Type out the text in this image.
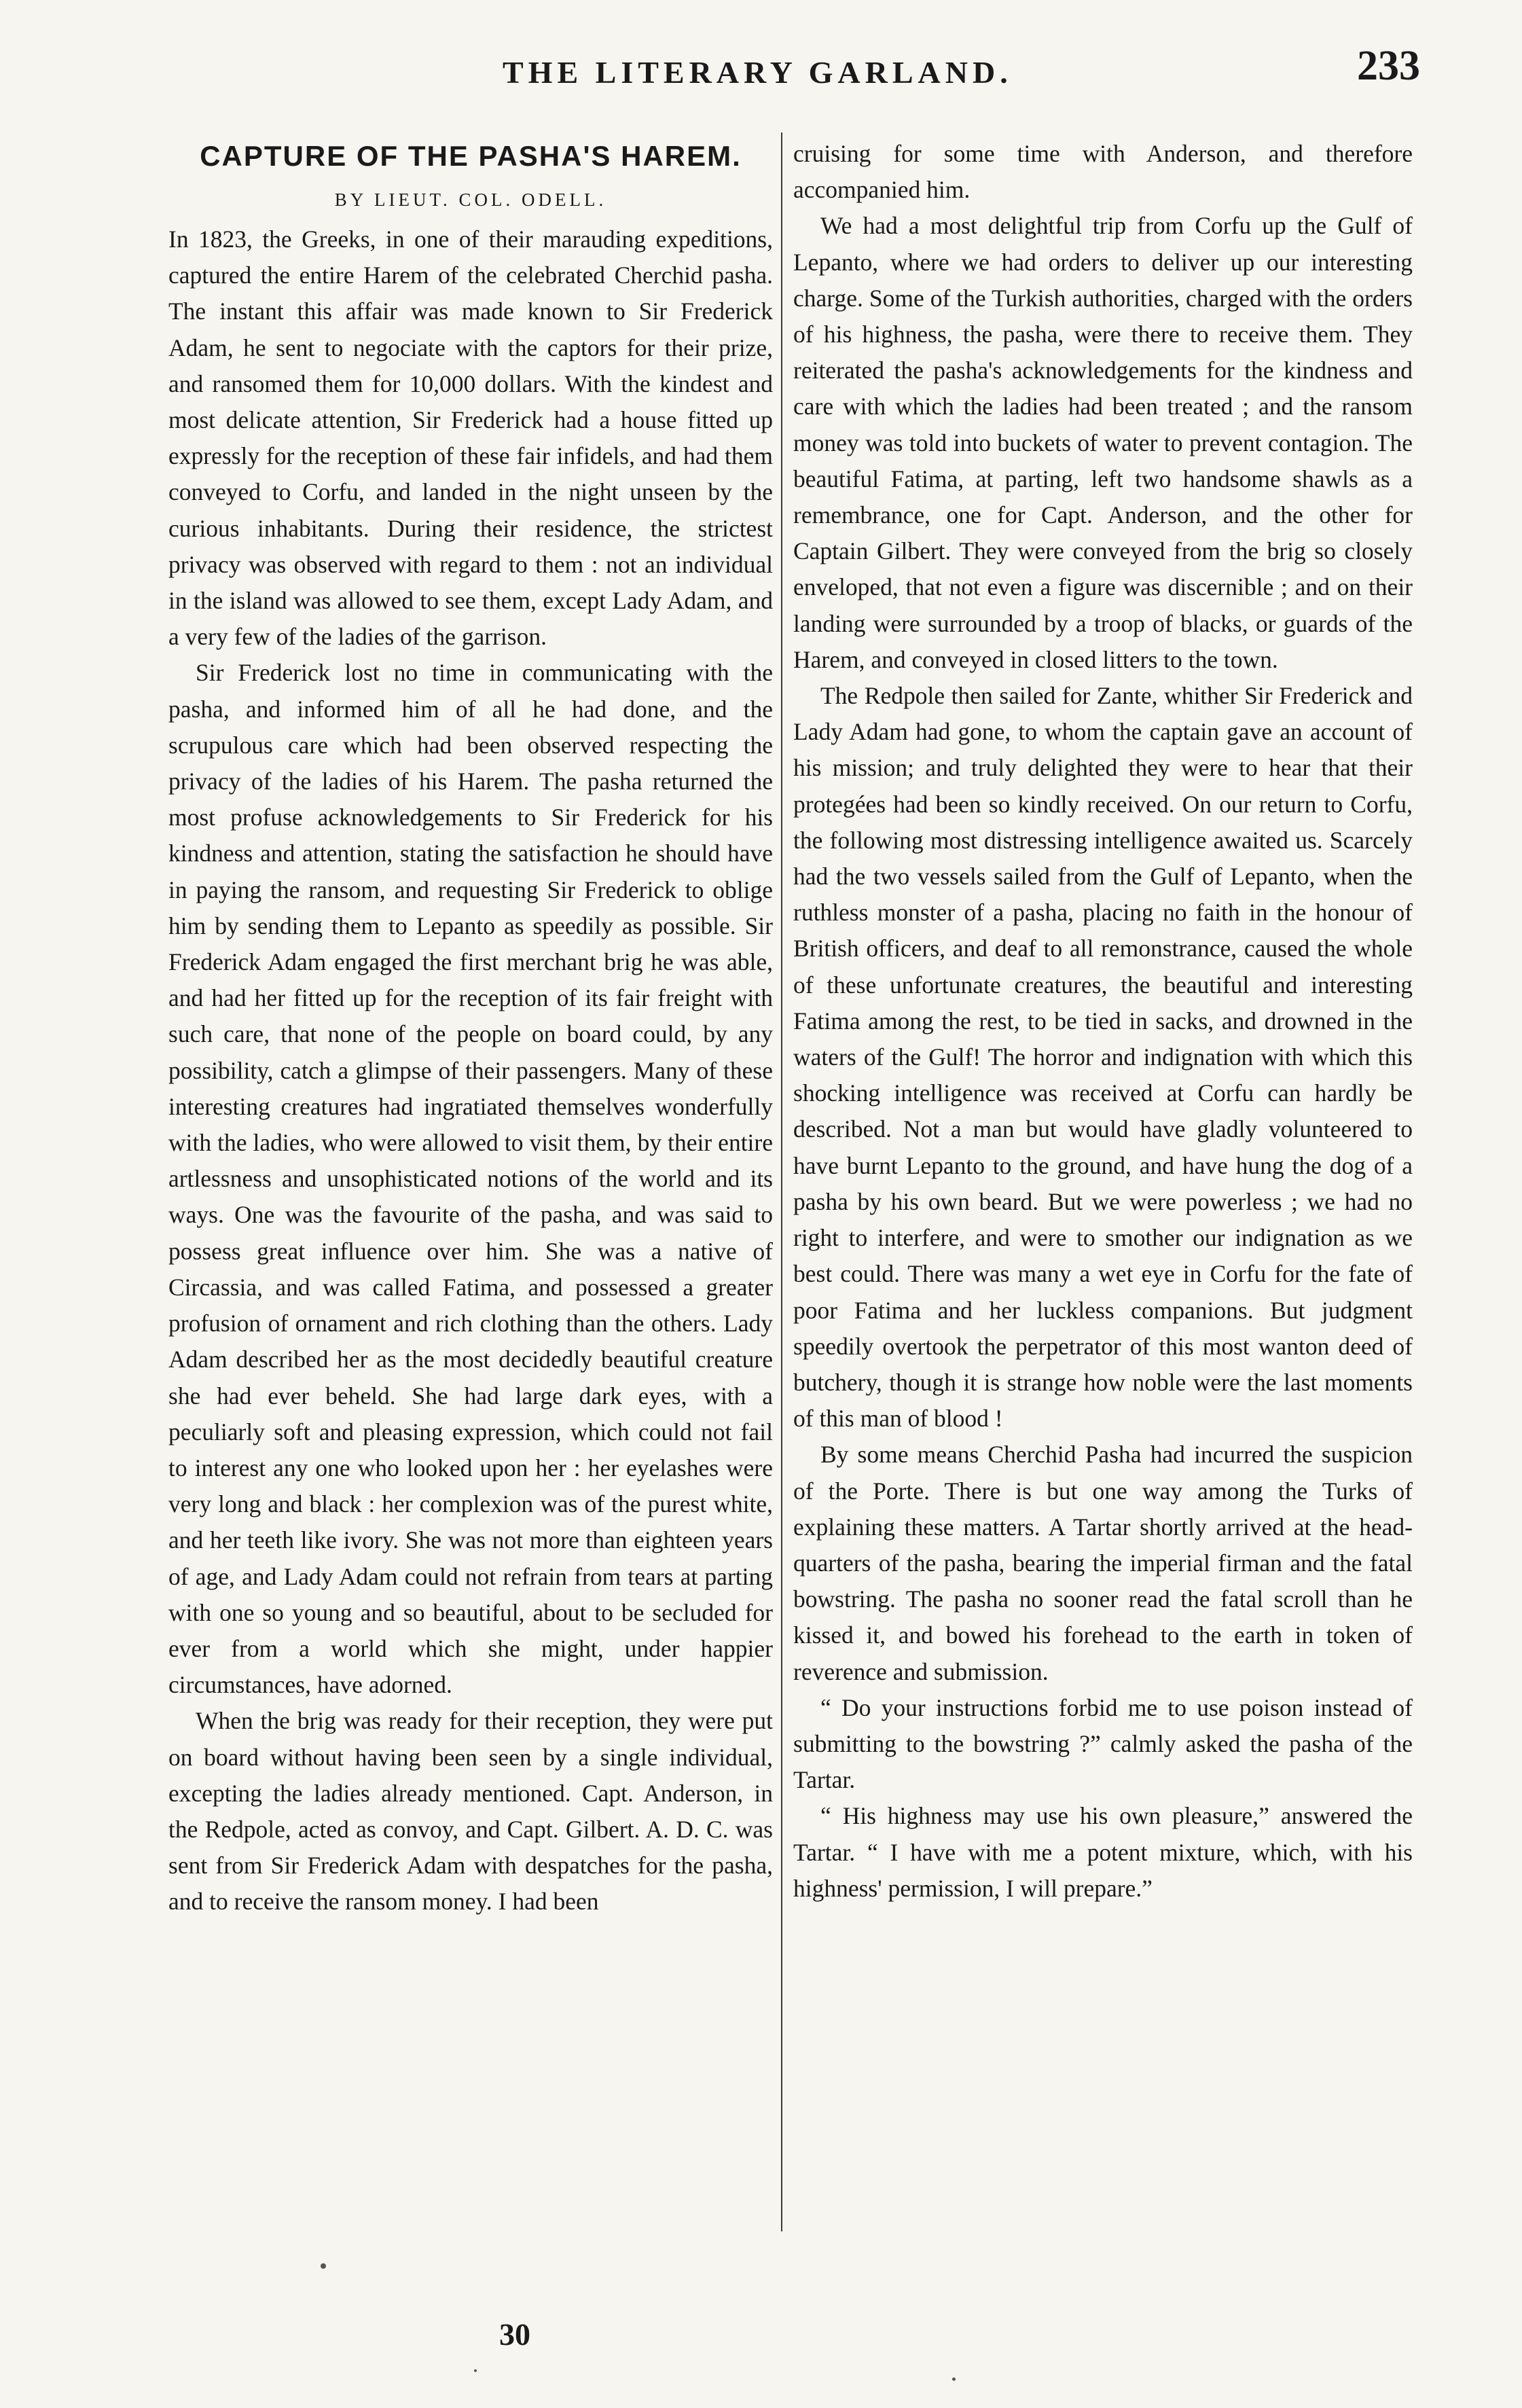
THE LITERARY GARLAND.	233
CAPTURE OF THE PASHA'S HAREM.
BY LIEUT. COL. ODELL.

In 1823, the Greeks, in one of their marauding expeditions, captured the entire Harem of the celebrated Cherchid pasha. The instant this affair was made known to Sir Frederick Adam, he sent to negociate with the captors for their prize, and ransomed them for 10,000 dollars. With the kindest and most delicate attention, Sir Frederick had a house fitted up expressly for the reception of these fair infidels, and had them conveyed to Corfu, and landed in the night unseen by the curious inhabitants. During their residence, the strictest privacy was observed with regard to them : not an individual in the island was allowed to see them, except Lady Adam, and a very few of the ladies of the garrison.

Sir Frederick lost no time in communicating with the pasha, and informed him of all he had done, and the scrupulous care which had been observed respecting the privacy of the ladies of his Harem. The pasha returned the most profuse acknowledgements to Sir Frederick for his kindness and attention, stating the satisfaction he should have in paying the ransom, and requesting Sir Frederick to oblige him by sending them to Lepanto as speedily as possible. Sir Frederick Adam engaged the first merchant brig he was able, and had her fitted up for the reception of its fair freight with such care, that none of the people on board could, by any possibility, catch a glimpse of their passengers. Many of these interesting creatures had ingratiated themselves wonderfully with the ladies, who were allowed to visit them, by their entire artlessness and unsophisticated notions of the world and its ways. One was the favourite of the pasha, and was said to possess great influence over him. She was a native of Circassia, and was called Fatima, and possessed a greater profusion of ornament and rich clothing than the others. Lady Adam described her as the most decidedly beautiful creature she had ever beheld. She had large dark eyes, with a peculiarly soft and pleasing expression, which could not fail to interest any one who looked upon her : her eyelashes were very long and black : her complexion was of the purest white, and her teeth like ivory. She was not more than eighteen years of age, and Lady Adam could not refrain from tears at parting with one so young and so beautiful, about to be secluded for ever from a world which she might, under happier circumstances, have adorned.

When the brig was ready for their reception, they were put on board without having been seen by a single individual, excepting the ladies already mentioned. Capt. Anderson, in the Redpole, acted as convoy, and Capt. Gilbert. A. D. C. was sent from Sir Frederick Adam with despatches for the pasha, and to receive the ransom money. I had been

cruising for some time with Anderson, and therefore accompanied him.

We had a most delightful trip from Corfu up the Gulf of Lepanto, where we had orders to deliver up our interesting charge. Some of the Turkish authorities, charged with the orders of his highness, the pasha, were there to receive them. They reiterated the pasha's acknowledgements for the kindness and care with which the ladies had been treated ; and the ransom money was told into buckets of water to prevent contagion. The beautiful Fatima, at parting, left two handsome shawls as a remembrance, one for Capt. Anderson, and the other for Captain Gilbert. They were conveyed from the brig so closely enveloped, that not even a figure was discernible ; and on their landing were surrounded by a troop of blacks, or guards of the Harem, and conveyed in closed litters to the town.

The Redpole then sailed for Zante, whither Sir Frederick and Lady Adam had gone, to whom the captain gave an account of his mission; and truly delighted they were to hear that their protegées had been so kindly received. On our return to Corfu, the following most distressing intelligence awaited us. Scarcely had the two vessels sailed from the Gulf of Lepanto, when the ruthless monster of a pasha, placing no faith in the honour of British officers, and deaf to all remonstrance, caused the whole of these unfortunate creatures, the beautiful and interesting Fatima among the rest, to be tied in sacks, and drowned in the waters of the Gulf! The horror and indignation with which this shocking intelligence was received at Corfu can hardly be described. Not a man but would have gladly volunteered to have burnt Lepanto to the ground, and have hung the dog of a pasha by his own beard. But we were powerless ; we had no right to interfere, and were to smother our indignation as we best could. There was many a wet eye in Corfu for the fate of poor Fatima and her luckless companions. But judgment speedily overtook the perpetrator of this most wanton deed of butchery, though it is strange how noble were the last moments of this man of blood !

By some means Cherchid Pasha had incurred the suspicion of the Porte. There is but one way among the Turks of explaining these matters. A Tartar shortly arrived at the head-quarters of the pasha, bearing the imperial firman and the fatal bowstring. The pasha no sooner read the fatal scroll than he kissed it, and bowed his forehead to the earth in token of reverence and submission.

“ Do your instructions forbid me to use poison instead of submitting to the bowstring ?” calmly asked the pasha of the Tartar.

“ His highness may use his own pleasure,” answered the Tartar. “ I have with me a potent mixture, which, with his highness' permission, I will prepare.”

30
